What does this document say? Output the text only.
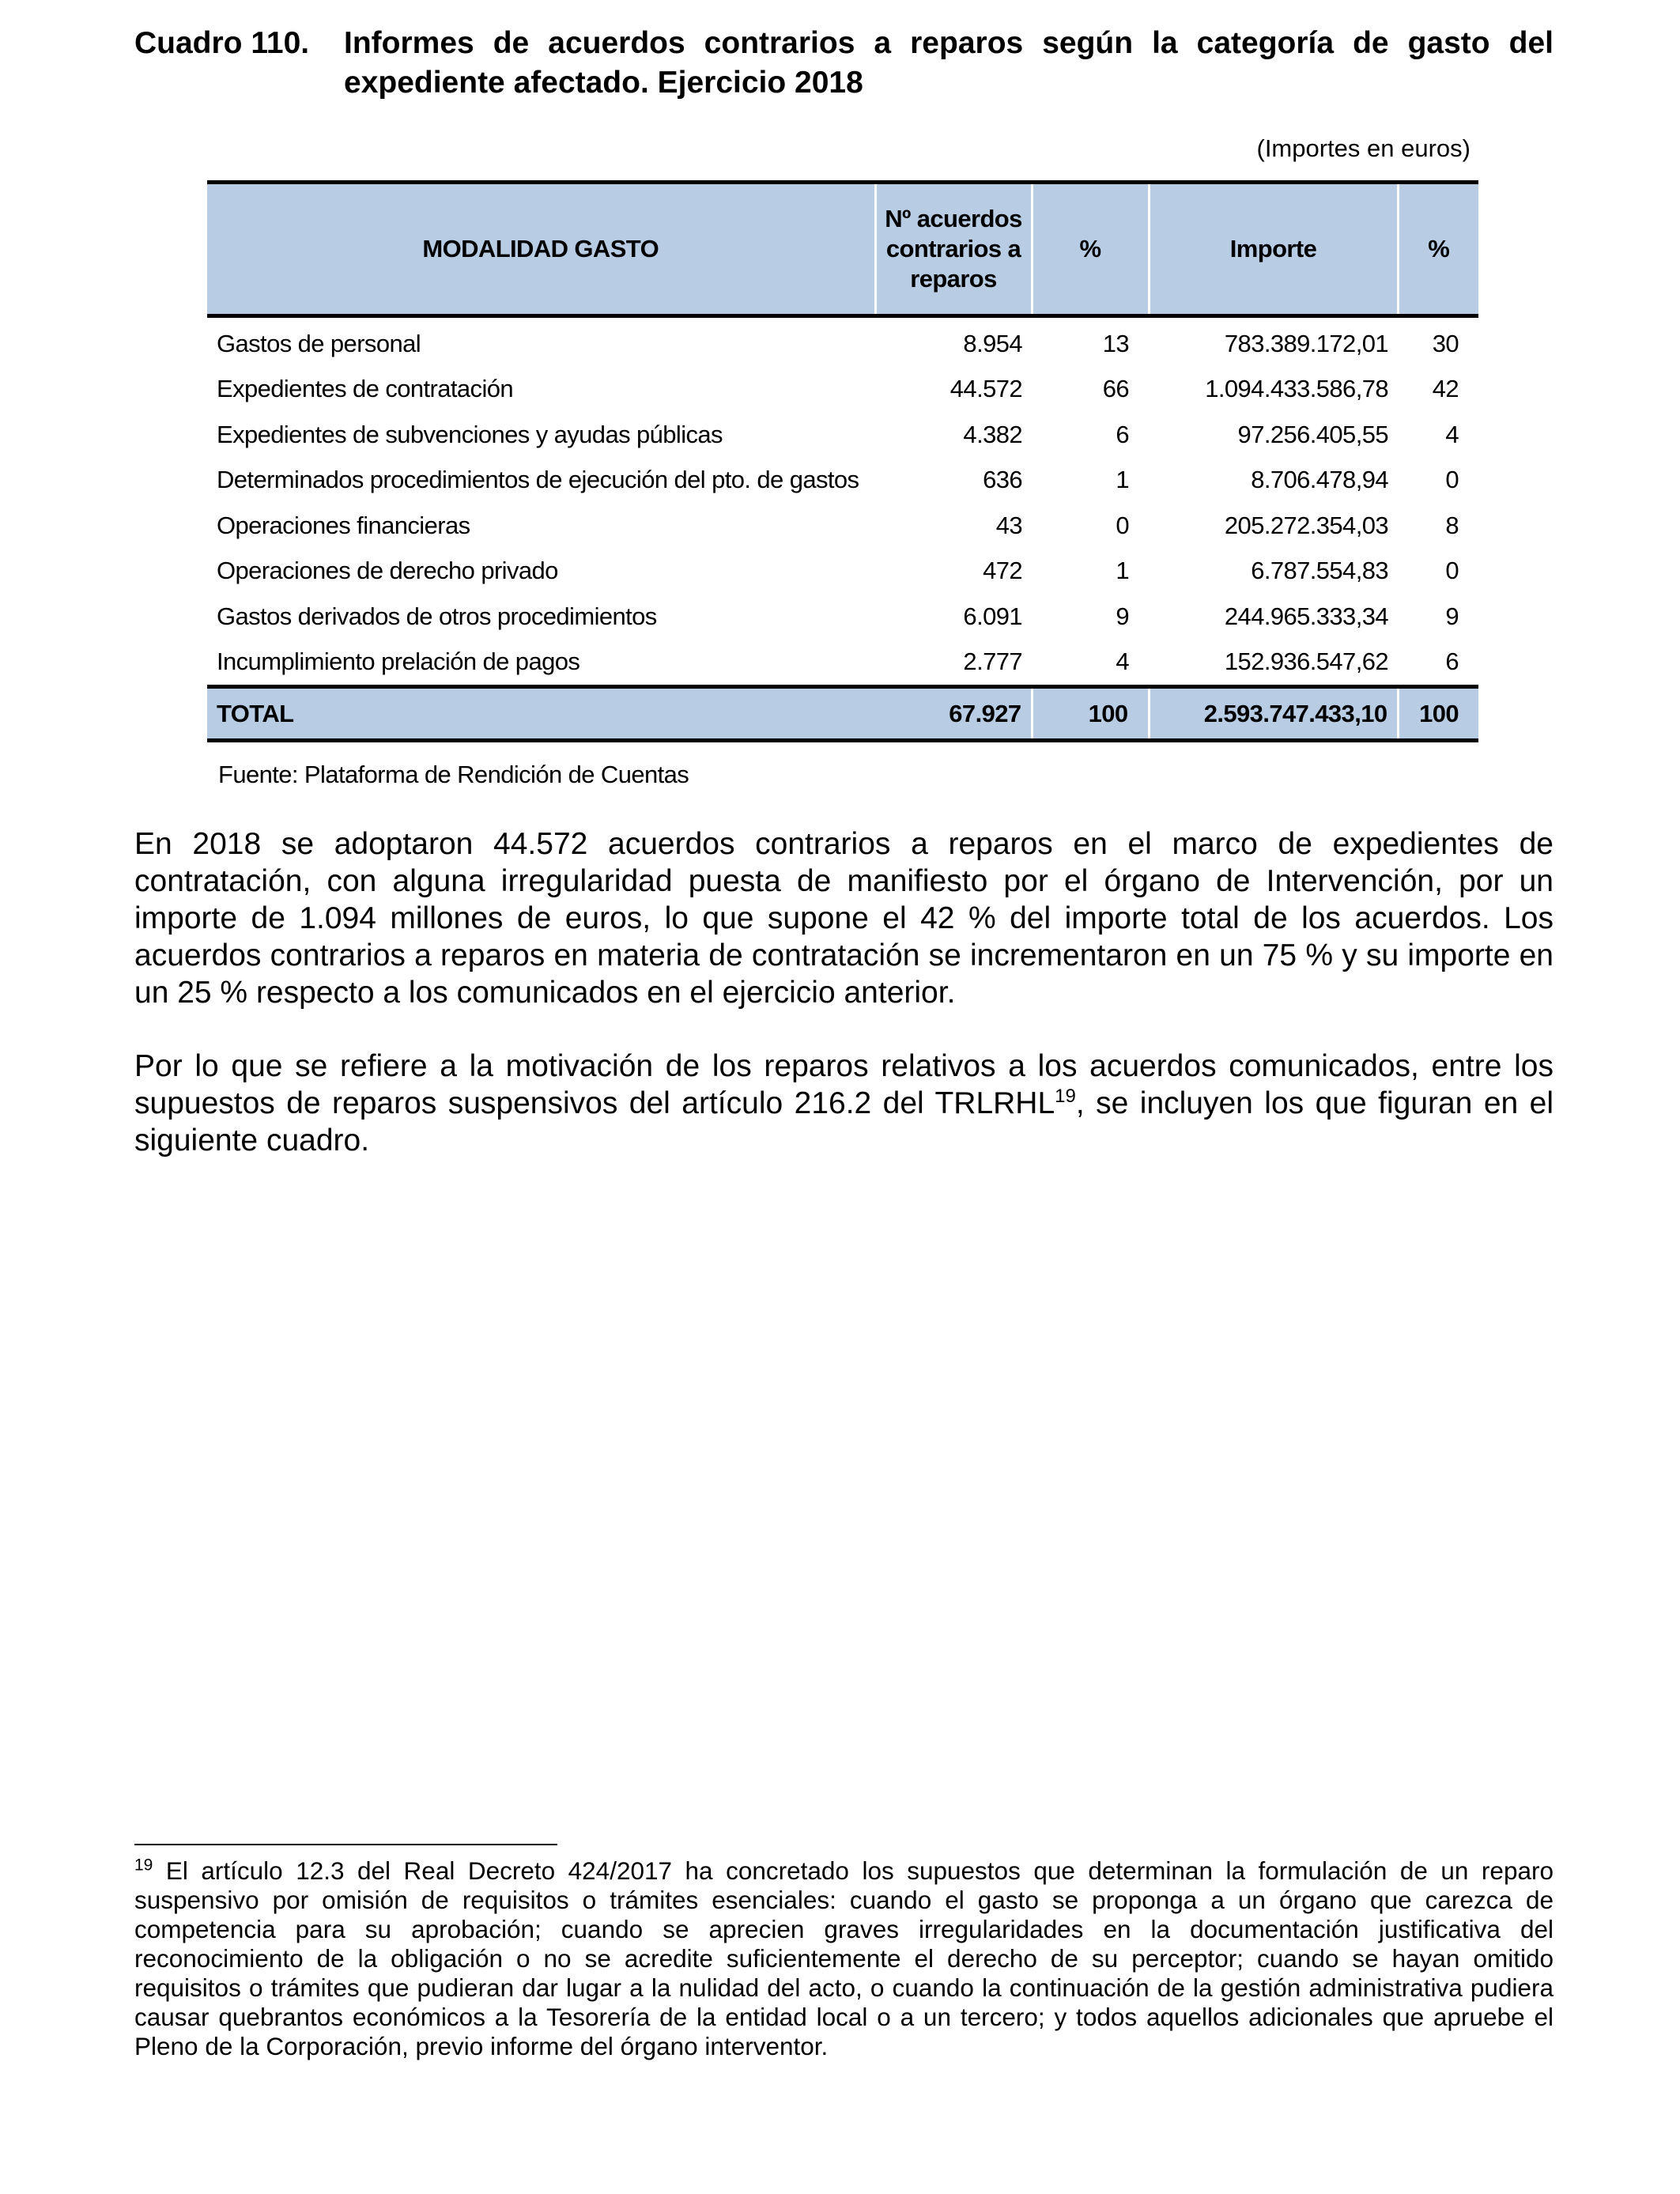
Cuadro 110. Informes de acuerdos contrarios a reparos según la categoría de gasto del expediente afectado. Ejercicio 2018
(Importes en euros)
MODALIDAD GASTO	Nº acuerdos contrarios a reparos	%	Importe	%
Gastos de personal	8.954	13	783.389.172,01	30
Expedientes de contratación	44.572	66	1.094.433.586,78	42
Expedientes de subvenciones y ayudas públicas	4.382	6	97.256.405,55	4
Determinados procedimientos de ejecución del pto. de gastos	636	1	8.706.478,94	0
Operaciones financieras	43	0	205.272.354,03	8
Operaciones de derecho privado	472	1	6.787.554,83	0
Gastos derivados de otros procedimientos	6.091	9	244.965.333,34	9
Incumplimiento prelación de pagos	2.777	4	152.936.547,62	6
TOTAL	67.927	100	2.593.747.433,10	100
Fuente: Plataforma de Rendición de Cuentas

En 2018 se adoptaron 44.572 acuerdos contrarios a reparos en el marco de expedientes de contratación, con alguna irregularidad puesta de manifiesto por el órgano de Intervención, por un importe de 1.094 millones de euros, lo que supone el 42 % del importe total de los acuerdos. Los acuerdos contrarios a reparos en materia de contratación se incrementaron en un 75 % y su importe en un 25 % respecto a los comunicados en el ejercicio anterior.

Por lo que se refiere a la motivación de los reparos relativos a los acuerdos comunicados, entre los supuestos de reparos suspensivos del artículo 216.2 del TRLRHL$^{19}$, se incluyen los que figuran en el siguiente cuadro.

$^{19}$ El artículo 12.3 del Real Decreto 424/2017 ha concretado los supuestos que determinan la formulación de un reparo suspensivo por omisión de requisitos o trámites esenciales: cuando el gasto se proponga a un órgano que carezca de competencia para su aprobación; cuando se aprecien graves irregularidades en la documentación justificativa del reconocimiento de la obligación o no se acredite suficientemente el derecho de su perceptor; cuando se hayan omitido requisitos o trámites que pudieran dar lugar a la nulidad del acto, o cuando la continuación de la gestión administrativa pudiera causar quebrantos económicos a la Tesorería de la entidad local o a un tercero; y todos aquellos adicionales que apruebe el Pleno de la Corporación, previo informe del órgano interventor.
